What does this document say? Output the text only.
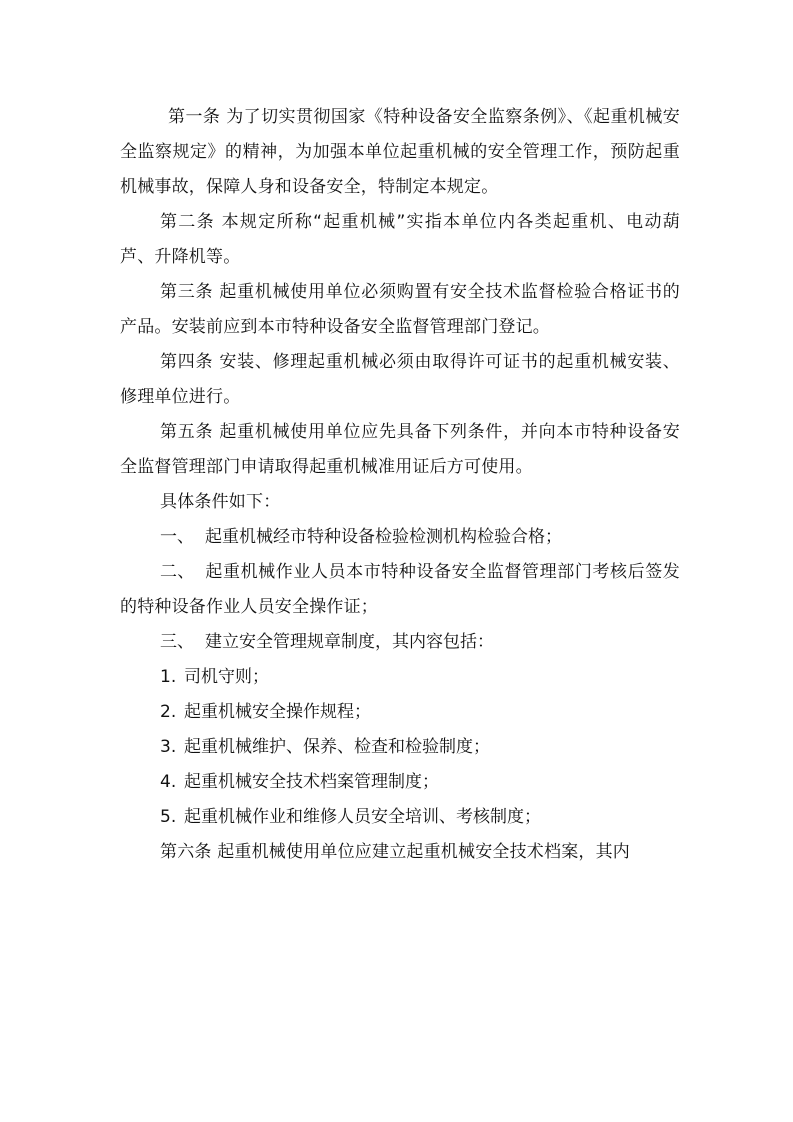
第一条 为了切实贯彻国家《特种设备安全监察条例》、《起重机械安全监察规定》的精神，为加强本单位起重机械的安全管理工作，预防起重机械事故，保障人身和设备安全，特制定本规定。

第二条 本规定所称“起重机械”实指本单位内各类起重机、电动葫芦、升降机等。

第三条 起重机械使用单位必须购置有安全技术监督检验合格证书的产品。安装前应到本市特种设备安全监督管理部门登记。

第四条 安装、修理起重机械必须由取得许可证书的起重机械安装、修理单位进行。

第五条 起重机械使用单位应先具备下列条件，并向本市特种设备安全监督管理部门申请取得起重机械准用证后方可使用。

具体条件如下：

一、 起重机械经市特种设备检验检测机构检验合格；

二、 起重机械作业人员本市特种设备安全监督管理部门考核后签发的特种设备作业人员安全操作证；

三、 建立安全管理规章制度，其内容包括：

1. 司机守则；

2. 起重机械安全操作规程；

3. 起重机械维护、保养、检查和检验制度；

4. 起重机械安全技术档案管理制度；

5. 起重机械作业和维修人员安全培训、考核制度；

第六条 起重机械使用单位应建立起重机械安全技术档案，其内
